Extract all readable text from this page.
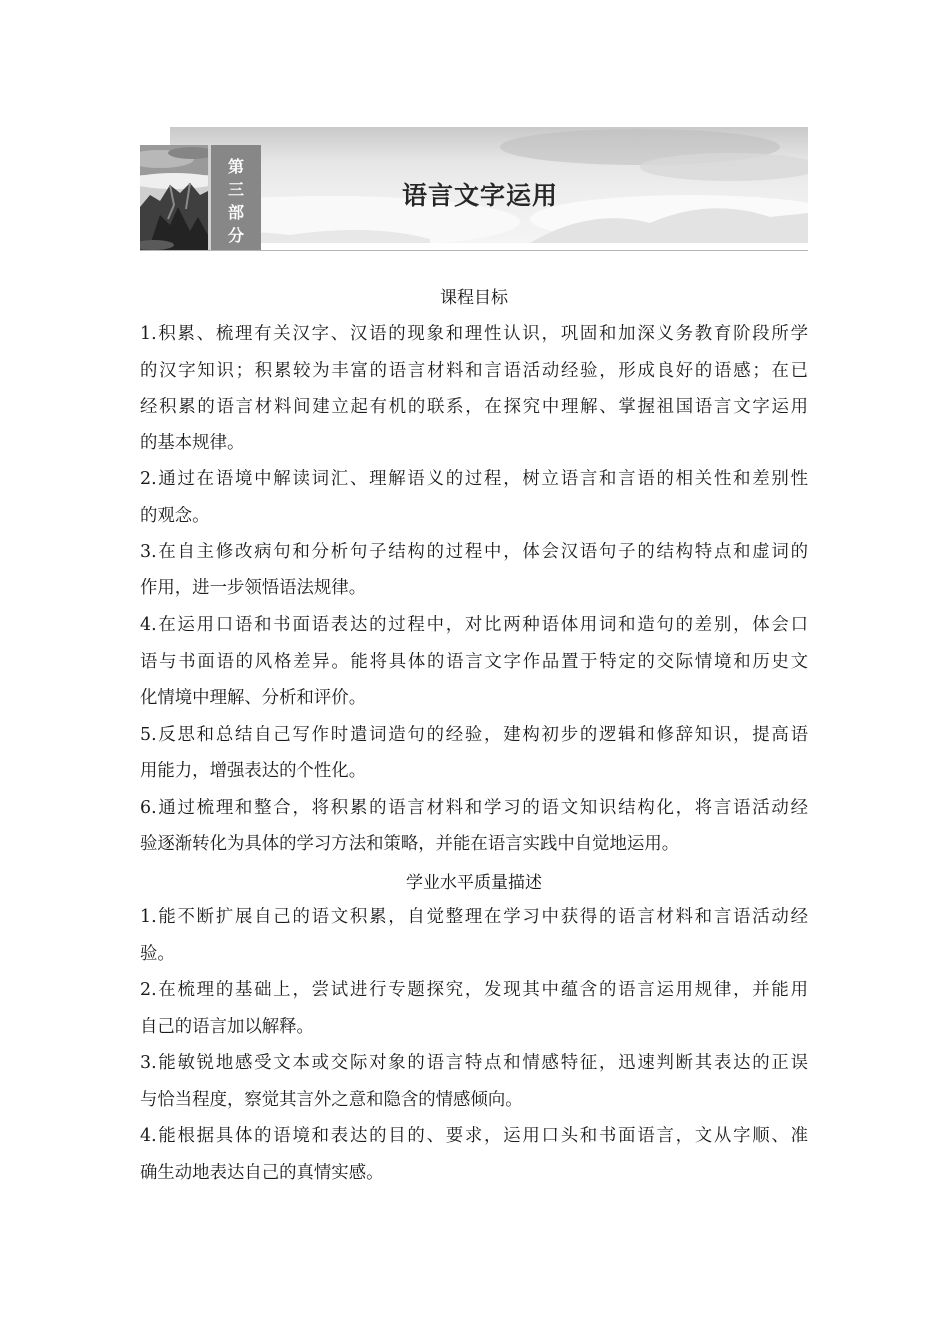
第
三
部
分
语言文字运用
课程目标
1.积累、梳理有关汉字、汉语的现象和理性认识，巩固和加深义务教育阶段所学
的汉字知识；积累较为丰富的语言材料和言语活动经验，形成良好的语感；在已
经积累的语言材料间建立起有机的联系，在探究中理解、掌握祖国语言文字运用
的基本规律。
2.通过在语境中解读词汇、理解语义的过程，树立语言和言语的相关性和差别性
的观念。
3.在自主修改病句和分析句子结构的过程中，体会汉语句子的结构特点和虚词的
作用，进一步领悟语法规律。
4.在运用口语和书面语表达的过程中，对比两种语体用词和造句的差别，体会口
语与书面语的风格差异。能将具体的语言文字作品置于特定的交际情境和历史文
化情境中理解、分析和评价。
5.反思和总结自己写作时遣词造句的经验，建构初步的逻辑和修辞知识，提高语
用能力，增强表达的个性化。
6.通过梳理和整合，将积累的语言材料和学习的语文知识结构化，将言语活动经
验逐渐转化为具体的学习方法和策略，并能在语言实践中自觉地运用。
学业水平质量描述
1.能不断扩展自己的语文积累，自觉整理在学习中获得的语言材料和言语活动经
验。
2.在梳理的基础上，尝试进行专题探究，发现其中蕴含的语言运用规律，并能用
自己的语言加以解释。
3.能敏锐地感受文本或交际对象的语言特点和情感特征，迅速判断其表达的正误
与恰当程度，察觉其言外之意和隐含的情感倾向。
4.能根据具体的语境和表达的目的、要求，运用口头和书面语言，文从字顺、准
确生动地表达自己的真情实感。
